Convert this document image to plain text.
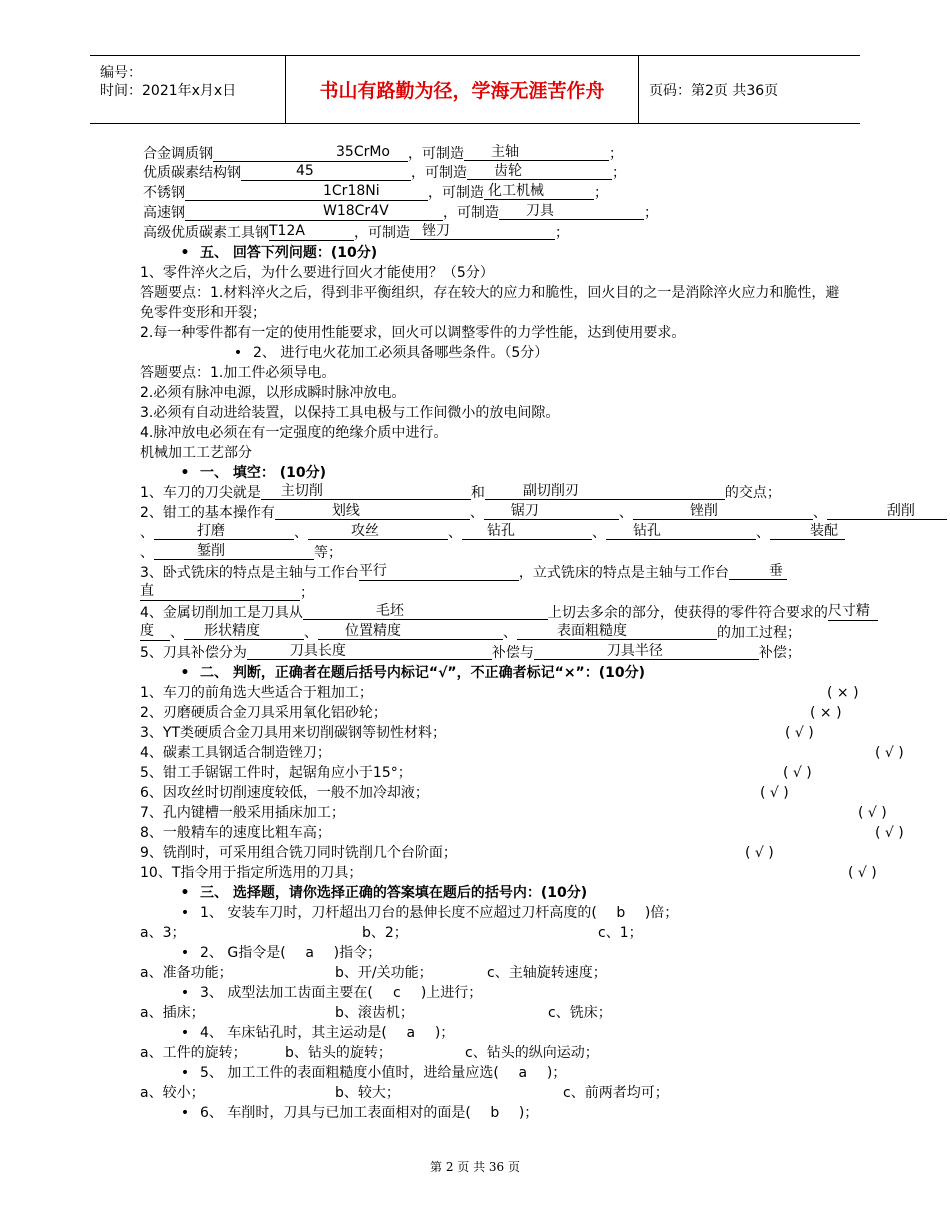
编号：
时间：2021年x月x日	书山有路勤为径，学海无涯苦作舟	页码：第2页 共36页
合金调质钢	35CrMo ，可制造 主轴	；
优质碳素结构钢	45	，可制造 齿轮	；
不锈钢	1Cr18Ni	，可制造 化工机械	；
高速钢	W18Cr4V	，可制造 刀具	；
高级优质碳素工具钢T12A	，可制造 锉刀	；
• 五、 回答下列问题：(10分)
1、零件淬火之后，为什么要进行回火才能使用？（5分）
答题要点：1.材料淬火之后，得到非平衡组织，存在较大的应力和脆性，回火目的之一是消除淬火应力和脆性，避
免零件变形和开裂；
2.每一种零件都有一定的使用性能要求，回火可以调整零件的力学性能，达到使用要求。
• 2、 进行电火花加工必须具备哪些条件。（5分）
答题要点：1.加工件必须导电。
2.必须有脉冲电源，以形成瞬时脉冲放电。
3.必须有自动进给装置，以保持工具电极与工作间微小的放电间隙。
4.脉冲放电必须在有一定强度的绝缘介质中进行。
机械加工工艺部分
• 一、 填空： (10分)
1、车刀的刀尖就是 主切削	和	副切削刃	的交点；
2、钳工的基本操作有	划线	、 锯刀	、	锉削	、	刮削
、	打磨	、	攻丝	、 钻孔	、 钻孔	、	装配
、	錾削	等；
3、卧式铣床的特点是主轴与工作台平行	，立式铣床的特点是主轴与工作台	垂
直	；
4、金属切削加工是刀具从	毛坯	上切去多余的部分，使获得的零件符合要求的尺寸精
度 、 形状精度	、 位置精度	、	表面粗糙度	的加工过程；
5、刀具补偿分为	刀具长度	补偿与	刀具半径	补偿；
• 二、 判断，正确者在题后括号内标记“√”，不正确者标记“×”：(10分)
1、车刀的前角选大些适合于粗加工；	( × )
2、刃磨硬质合金刀具采用氧化铝砂轮；	( × )
3、YT类硬质合金刀具用来切削碳钢等韧性材料；	( √ )
4、碳素工具钢适合制造锉刀；	( √ )
5、钳工手锯锯工件时，起锯角应小于15°；	( √ )
6、因攻丝时切削速度较低，一般不加冷却液；	( √ )
7、孔内键槽一般采用插床加工；	( √ )
8、一般精车的速度比粗车高；	( √ )
9、铣削时，可采用组合铣刀同时铣削几个台阶面；	( √ )
10、T指令用于指定所选用的刀具；	( √ )
• 三、 选择题，请你选择正确的答案填在题后的括号内：(10分)
• 1、 安装车刀时，刀杆超出刀台的悬伸长度不应超过刀杆高度的( b )倍；
a、3；	b、2；	c、1；
• 2、 G指令是( a )指令；
a、准备功能；	b、开/关功能；	c、主轴旋转速度；
• 3、 成型法加工齿面主要在( c )上进行；
a、插床；	b、滚齿机；	c、铣床；
• 4、 车床钻孔时，其主运动是( a )；
a、工件的旋转；	b、钻头的旋转；	c、钻头的纵向运动；
• 5、 加工工件的表面粗糙度小值时，进给量应选( a )；
a、较小；	b、较大；	c、前两者均可；
• 6、 车削时，刀具与已加工表面相对的面是( b )；
第 2 页 共 36 页
